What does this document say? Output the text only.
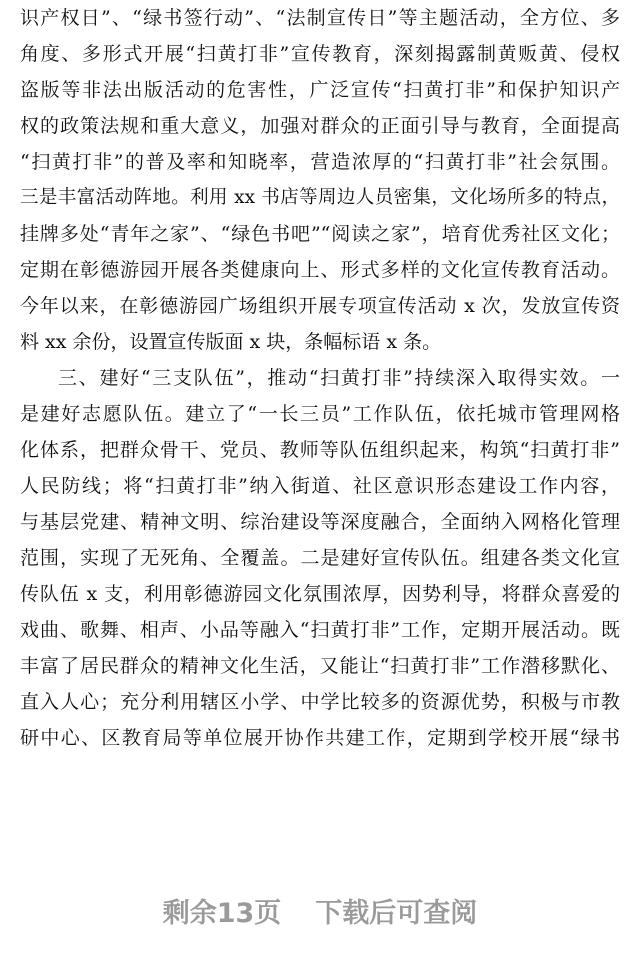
识产权日”、“绿书签行动”、“法制宣传日”等主题活动，全方位、多
角度、多形式开展“扫黄打非”宣传教育，深刻揭露制黄贩黄、侵权
盗版等非法出版活动的危害性，广泛宣传“扫黄打非”和保护知识产
权的政策法规和重大意义，加强对群众的正面引导与教育，全面提高
“扫黄打非”的普及率和知晓率，营造浓厚的“扫黄打非”社会氛围。
三是丰富活动阵地。利用 xx 书店等周边人员密集，文化场所多的特点，
挂牌多处“青年之家”、“绿色书吧”“阅读之家”，培育优秀社区文化；
定期在彰德游园开展各类健康向上、形式多样的文化宣传教育活动。
今年以来，在彰德游园广场组织开展专项宣传活动 x 次，发放宣传资
料 xx 余份，设置宣传版面 x 块，条幅标语 x 条。
三、建好“三支队伍”，推动“扫黄打非”持续深入取得实效。一
是建好志愿队伍。建立了“一长三员”工作队伍，依托城市管理网格
化体系，把群众骨干、党员、教师等队伍组织起来，构筑“扫黄打非”
人民防线；将“扫黄打非”纳入街道、社区意识形态建设工作内容，
与基层党建、精神文明、综治建设等深度融合，全面纳入网格化管理
范围，实现了无死角、全覆盖。二是建好宣传队伍。组建各类文化宣
传队伍 x 支，利用彰德游园文化氛围浓厚，因势利导，将群众喜爱的
戏曲、歌舞、相声、小品等融入“扫黄打非”工作，定期开展活动。既
丰富了居民群众的精神文化生活，又能让“扫黄打非”工作潜移默化、
直入人心；充分利用辖区小学、中学比较多的资源优势，积极与市教
研中心、区教育局等单位展开协作共建工作，定期到学校开展“绿书
剩余13页 下载后可查阅
